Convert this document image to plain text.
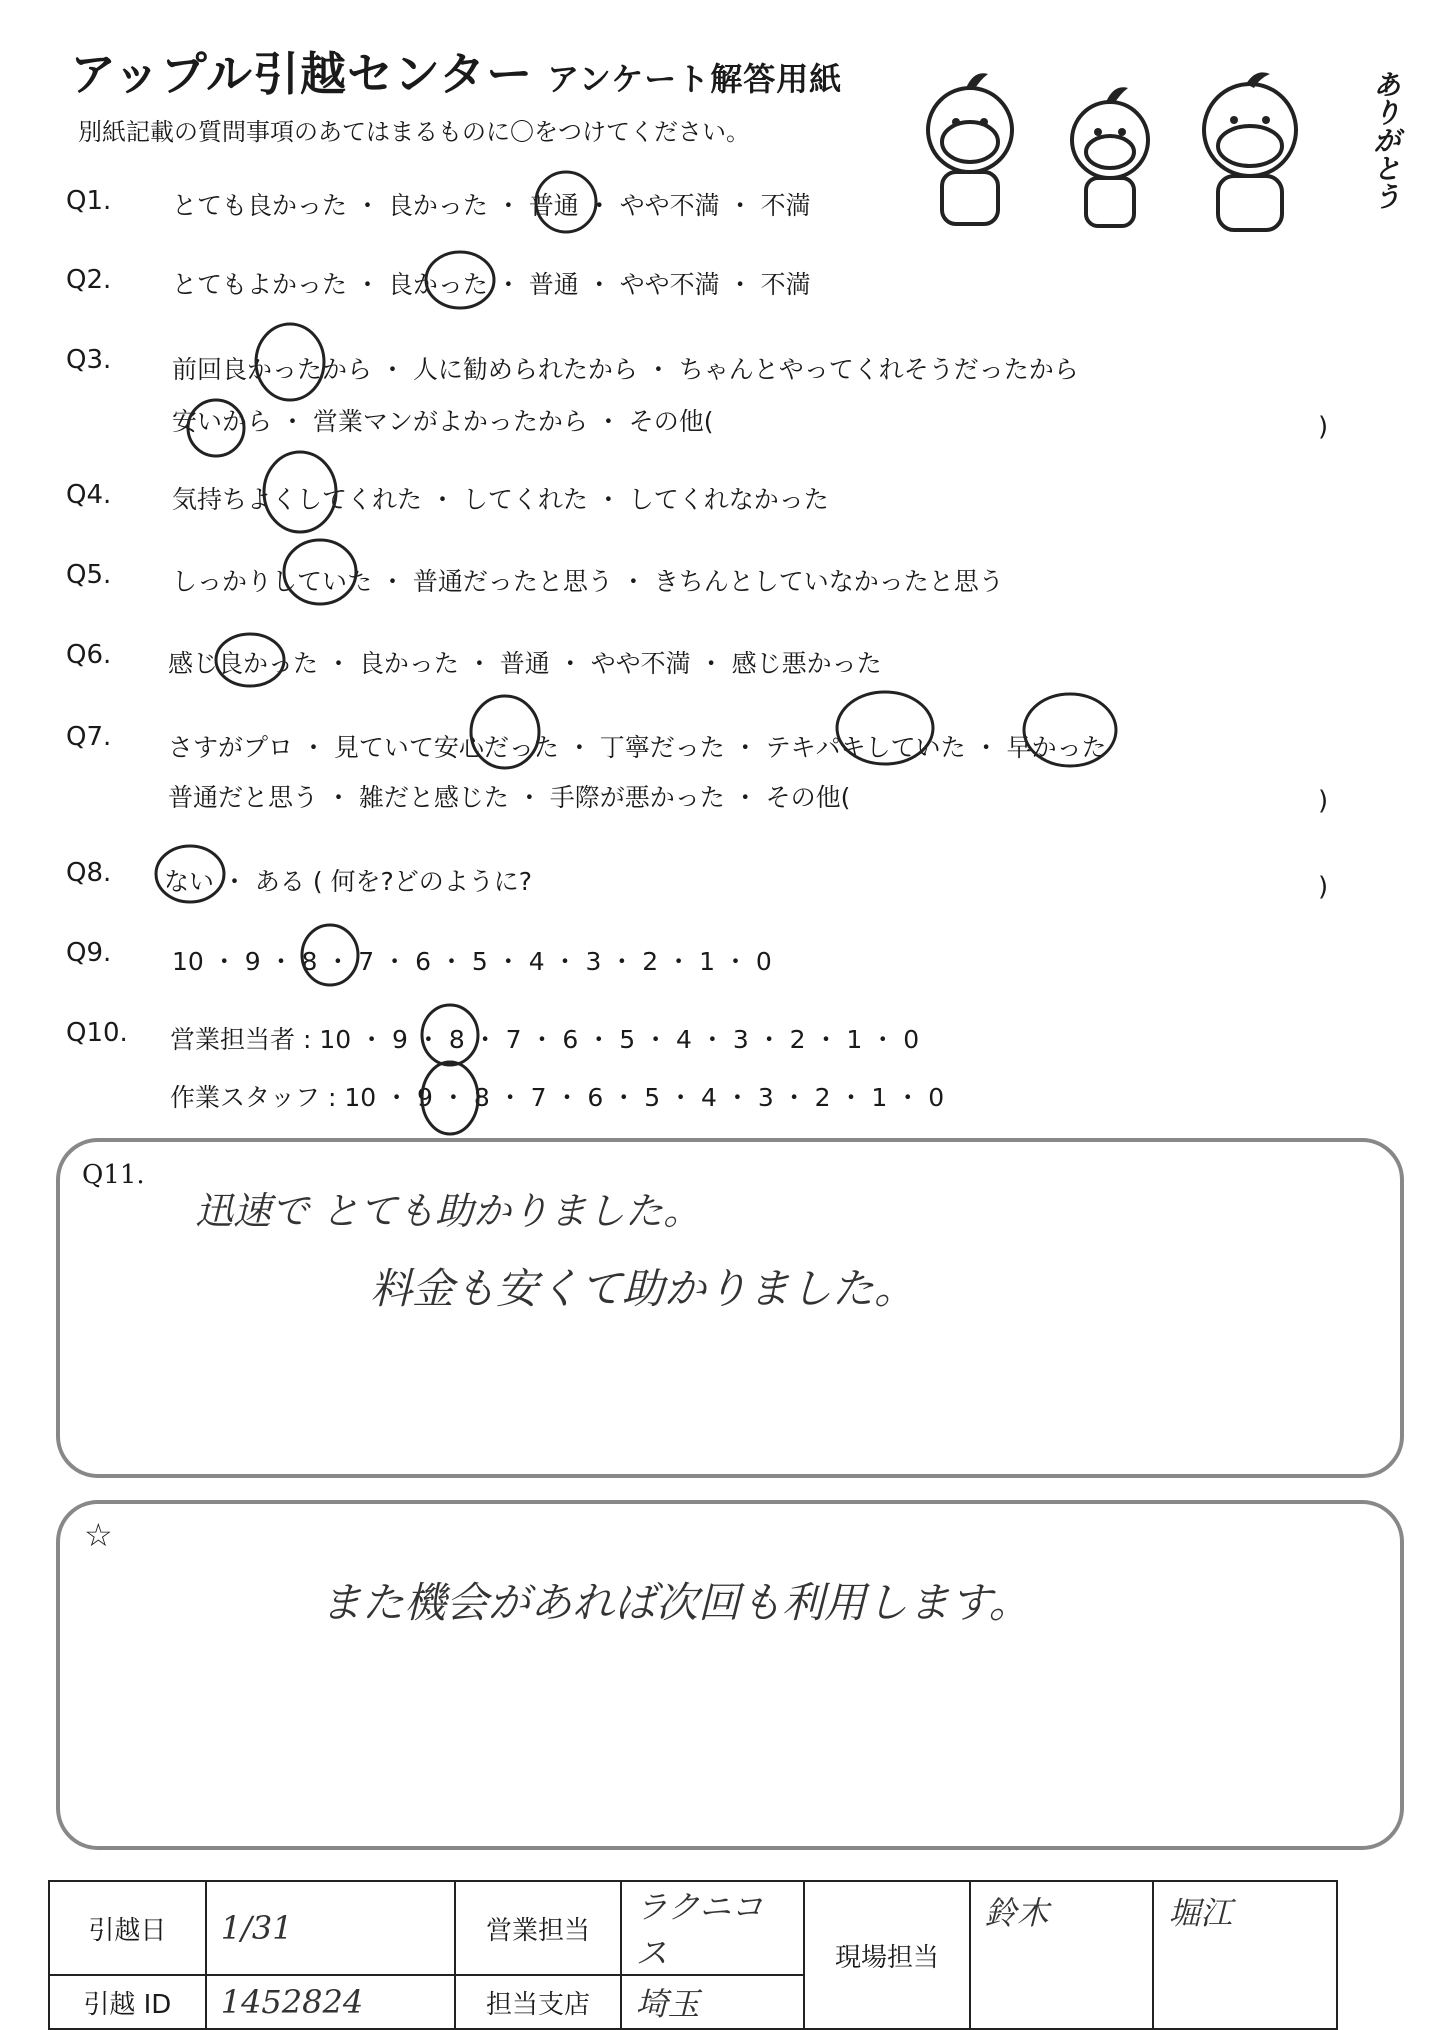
アップル引越センター アンケート解答用紙
別紙記載の質問事項のあてはまるものに〇をつけてください。	ありがとう
Q1. とても良かった ・ 良かった ・ 普通 ・ やや不満 ・ 不満
Q2. とてもよかった ・ 良かった ・ 普通 ・ やや不満 ・ 不満
Q3. 前回良かったから ・ 人に勧められたから ・ ちゃんとやってくれそうだったから
安いから ・ 営業マンがよかったから ・ その他(	)
Q4. 気持ちよくしてくれた ・ してくれた ・ してくれなかった
Q5. しっかりしていた ・ 普通だったと思う ・ きちんとしていなかったと思う
Q6. 感じ良かった ・ 良かった ・ 普通 ・ やや不満 ・ 感じ悪かった
Q7. さすがプロ ・ 見ていて安心だった ・ 丁寧だった ・ テキパキしていた ・ 早かった
普通だと思う ・ 雑だと感じた ・ 手際が悪かった ・ その他(	)
Q8. ない ・ ある ( 何を?どのように?	)
Q9. 10 ・ 9 ・ 8 ・ 7 ・ 6 ・ 5 ・ 4 ・ 3 ・ 2 ・ 1 ・ 0
Q10. 営業担当者 : 10 ・ 9 ・ 8 ・ 7 ・ 6 ・ 5 ・ 4 ・ 3 ・ 2 ・ 1 ・ 0
作業スタッフ : 10 ・ 9 ・ 8 ・ 7 ・ 6 ・ 5 ・ 4 ・ 3 ・ 2 ・ 1 ・ 0
Q11.
迅速で とても助かりました。
料金も安くて助かりました。
☆
また機会があれば次回も利用します。
引越日	1/31	営業担当	ラクニコス	現場担当	鈴木	堀江
引越 ID	1452824	担当支店	埼玉			
